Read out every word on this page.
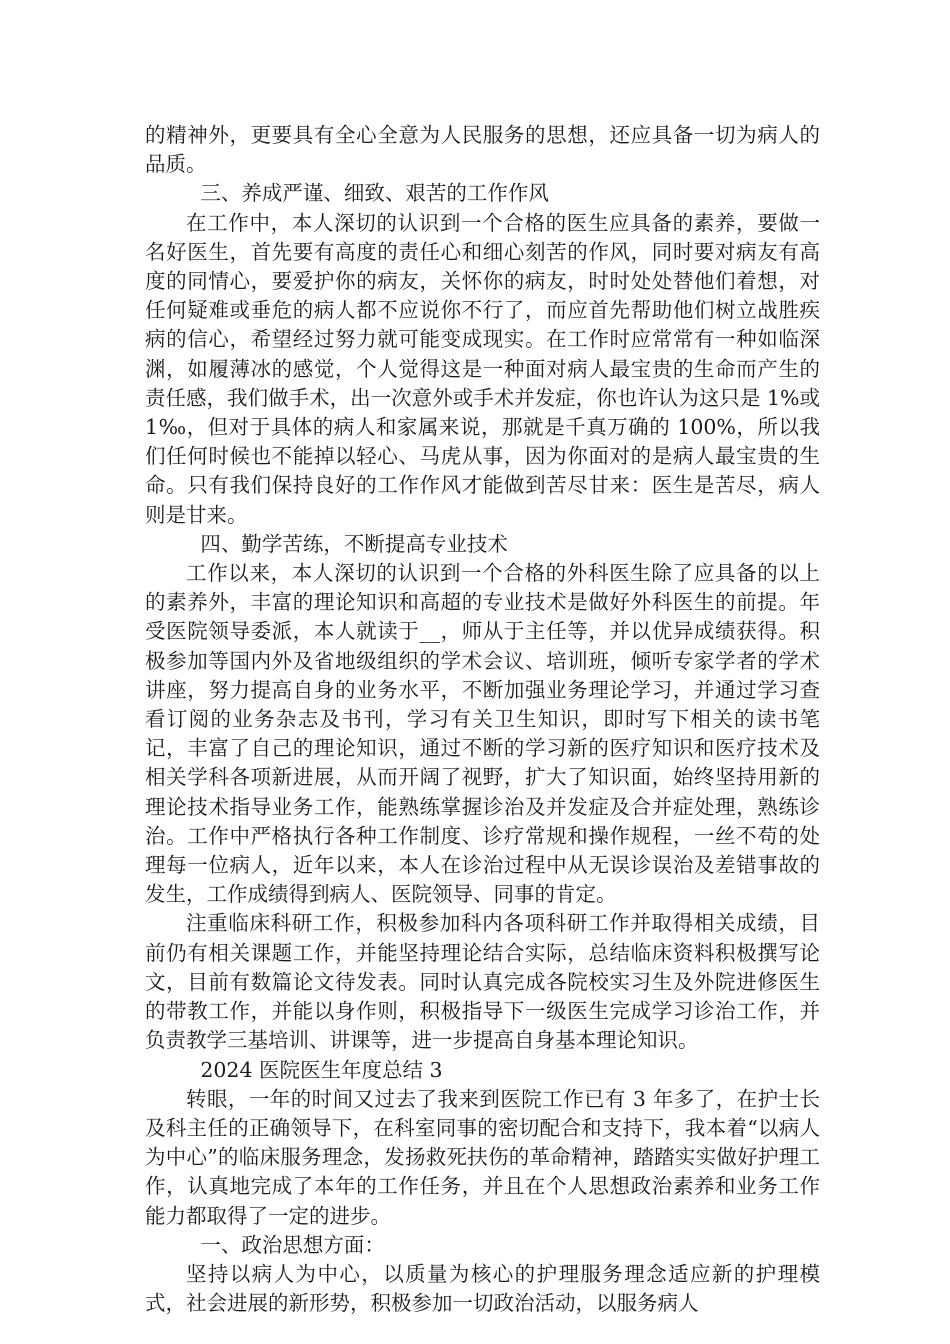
的精神外，更要具有全心全意为人民服务的思想，还应具备一切为病人的品质。

三、养成严谨、细致、艰苦的工作作风

在工作中，本人深切的认识到一个合格的医生应具备的素养，要做一名好医生，首先要有高度的责任心和细心刻苦的作风，同时要对病友有高度的同情心，要爱护你的病友，关怀你的病友，时时处处替他们着想，对任何疑难或垂危的病人都不应说你不行了，而应首先帮助他们树立战胜疾病的信心，希望经过努力就可能变成现实。在工作时应常常有一种如临深渊，如履薄冰的感觉，个人觉得这是一种面对病人最宝贵的生命而产生的责任感，我们做手术，出一次意外或手术并发症，你也许认为这只是 1%或 1‰，但对于具体的病人和家属来说，那就是千真万确的 100%，所以我们任何时候也不能掉以轻心、马虎从事，因为你面对的是病人最宝贵的生命。只有我们保持良好的工作作风才能做到苦尽甘来：医生是苦尽，病人则是甘来。

四、勤学苦练，不断提高专业技术

工作以来，本人深切的认识到一个合格的外科医生除了应具备的以上的素养外，丰富的理论知识和高超的专业技术是做好外科医生的前提。年受医院领导委派，本人就读于__，师从于主任等，并以优异成绩获得。积极参加等国内外及省地级组织的学术会议、培训班，倾听专家学者的学术讲座，努力提高自身的业务水平，不断加强业务理论学习，并通过学习查看订阅的业务杂志及书刊，学习有关卫生知识，即时写下相关的读书笔记，丰富了自己的理论知识，通过不断的学习新的医疗知识和医疗技术及相关学科各项新进展，从而开阔了视野，扩大了知识面，始终坚持用新的理论技术指导业务工作，能熟练掌握诊治及并发症及合并症处理，熟练诊治。工作中严格执行各种工作制度、诊疗常规和操作规程，一丝不苟的处理每一位病人，近年以来，本人在诊治过程中从无误诊误治及差错事故的发生，工作成绩得到病人、医院领导、同事的肯定。

注重临床科研工作，积极参加科内各项科研工作并取得相关成绩，目前仍有相关课题工作，并能坚持理论结合实际，总结临床资料积极撰写论文，目前有数篇论文待发表。同时认真完成各院校实习生及外院进修医生的带教工作，并能以身作则，积极指导下一级医生完成学习诊治工作，并负责教学三基培训、讲课等，进一步提高自身基本理论知识。

2024 医院医生年度总结 3

转眼，一年的时间又过去了我来到医院工作已有 3 年多了，在护士长及科主任的正确领导下，在科室同事的密切配合和支持下，我本着“以病人为中心”的临床服务理念，发扬救死扶伤的革命精神，踏踏实实做好护理工作，认真地完成了本年的工作任务，并且在个人思想政治素养和业务工作能力都取得了一定的进步。

一、政治思想方面：

坚持以病人为中心，以质量为核心的护理服务理念适应新的护理模式，社会进展的新形势，积极参加一切政治活动，以服务病人
